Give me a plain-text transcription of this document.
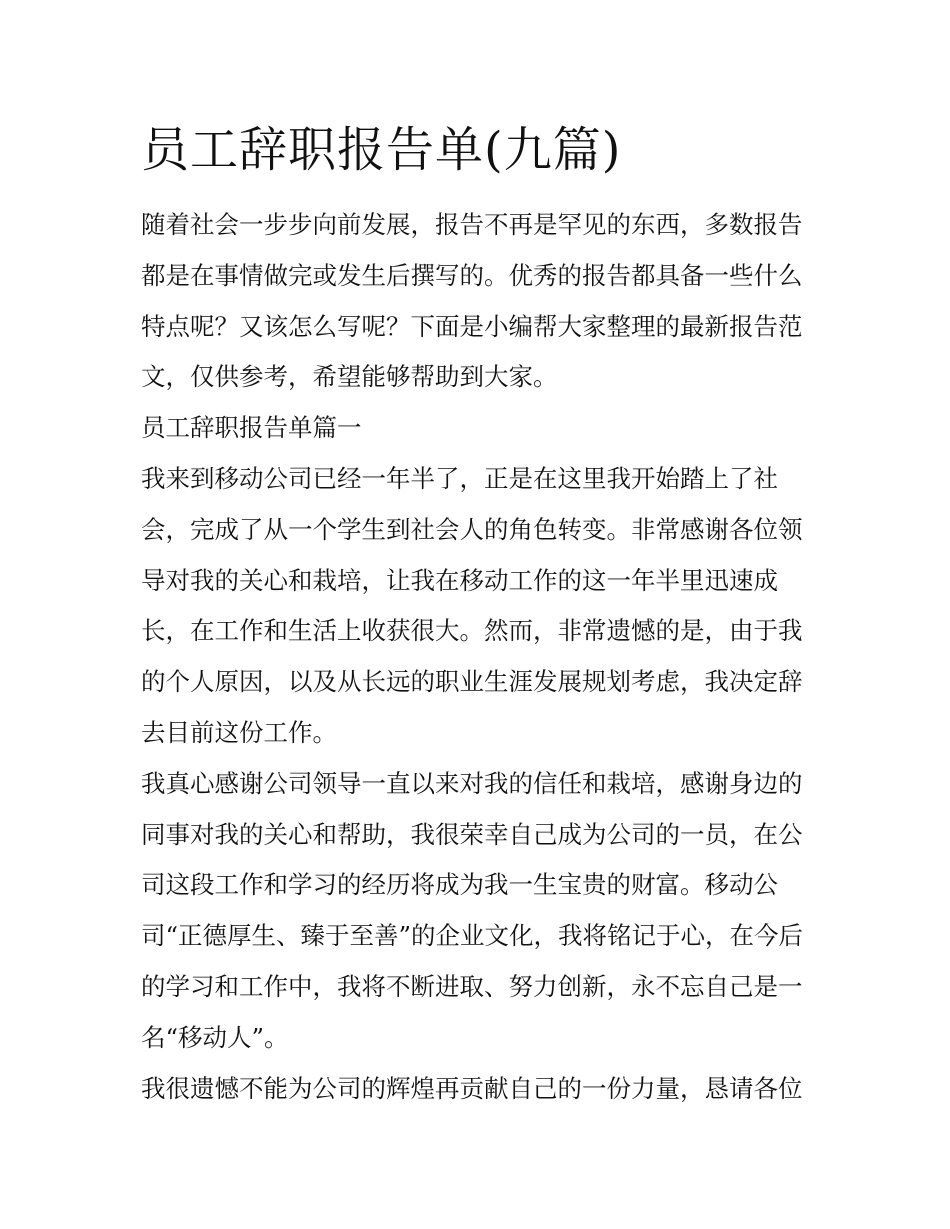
员工辞职报告单(九篇)
随着社会一步步向前发展，报告不再是罕见的东西，多数报告
都是在事情做完或发生后撰写的。优秀的报告都具备一些什么
特点呢？又该怎么写呢？下面是小编帮大家整理的最新报告范
文，仅供参考，希望能够帮助到大家。
员工辞职报告单篇一
我来到移动公司已经一年半了，正是在这里我开始踏上了社
会，完成了从一个学生到社会人的角色转变。非常感谢各位领
导对我的关心和栽培，让我在移动工作的这一年半里迅速成
长，在工作和生活上收获很大。然而，非常遗憾的是，由于我
的个人原因，以及从长远的职业生涯发展规划考虑，我决定辞
去目前这份工作。
我真心感谢公司领导一直以来对我的信任和栽培，感谢身边的
同事对我的关心和帮助，我很荣幸自己成为公司的一员，在公
司这段工作和学习的经历将成为我一生宝贵的财富。移动公
司“正德厚生、臻于至善”的企业文化，我将铭记于心，在今后
的学习和工作中，我将不断进取、努力创新，永不忘自己是一
名“移动人”。
我很遗憾不能为公司的辉煌再贡献自己的一份力量，恳请各位
